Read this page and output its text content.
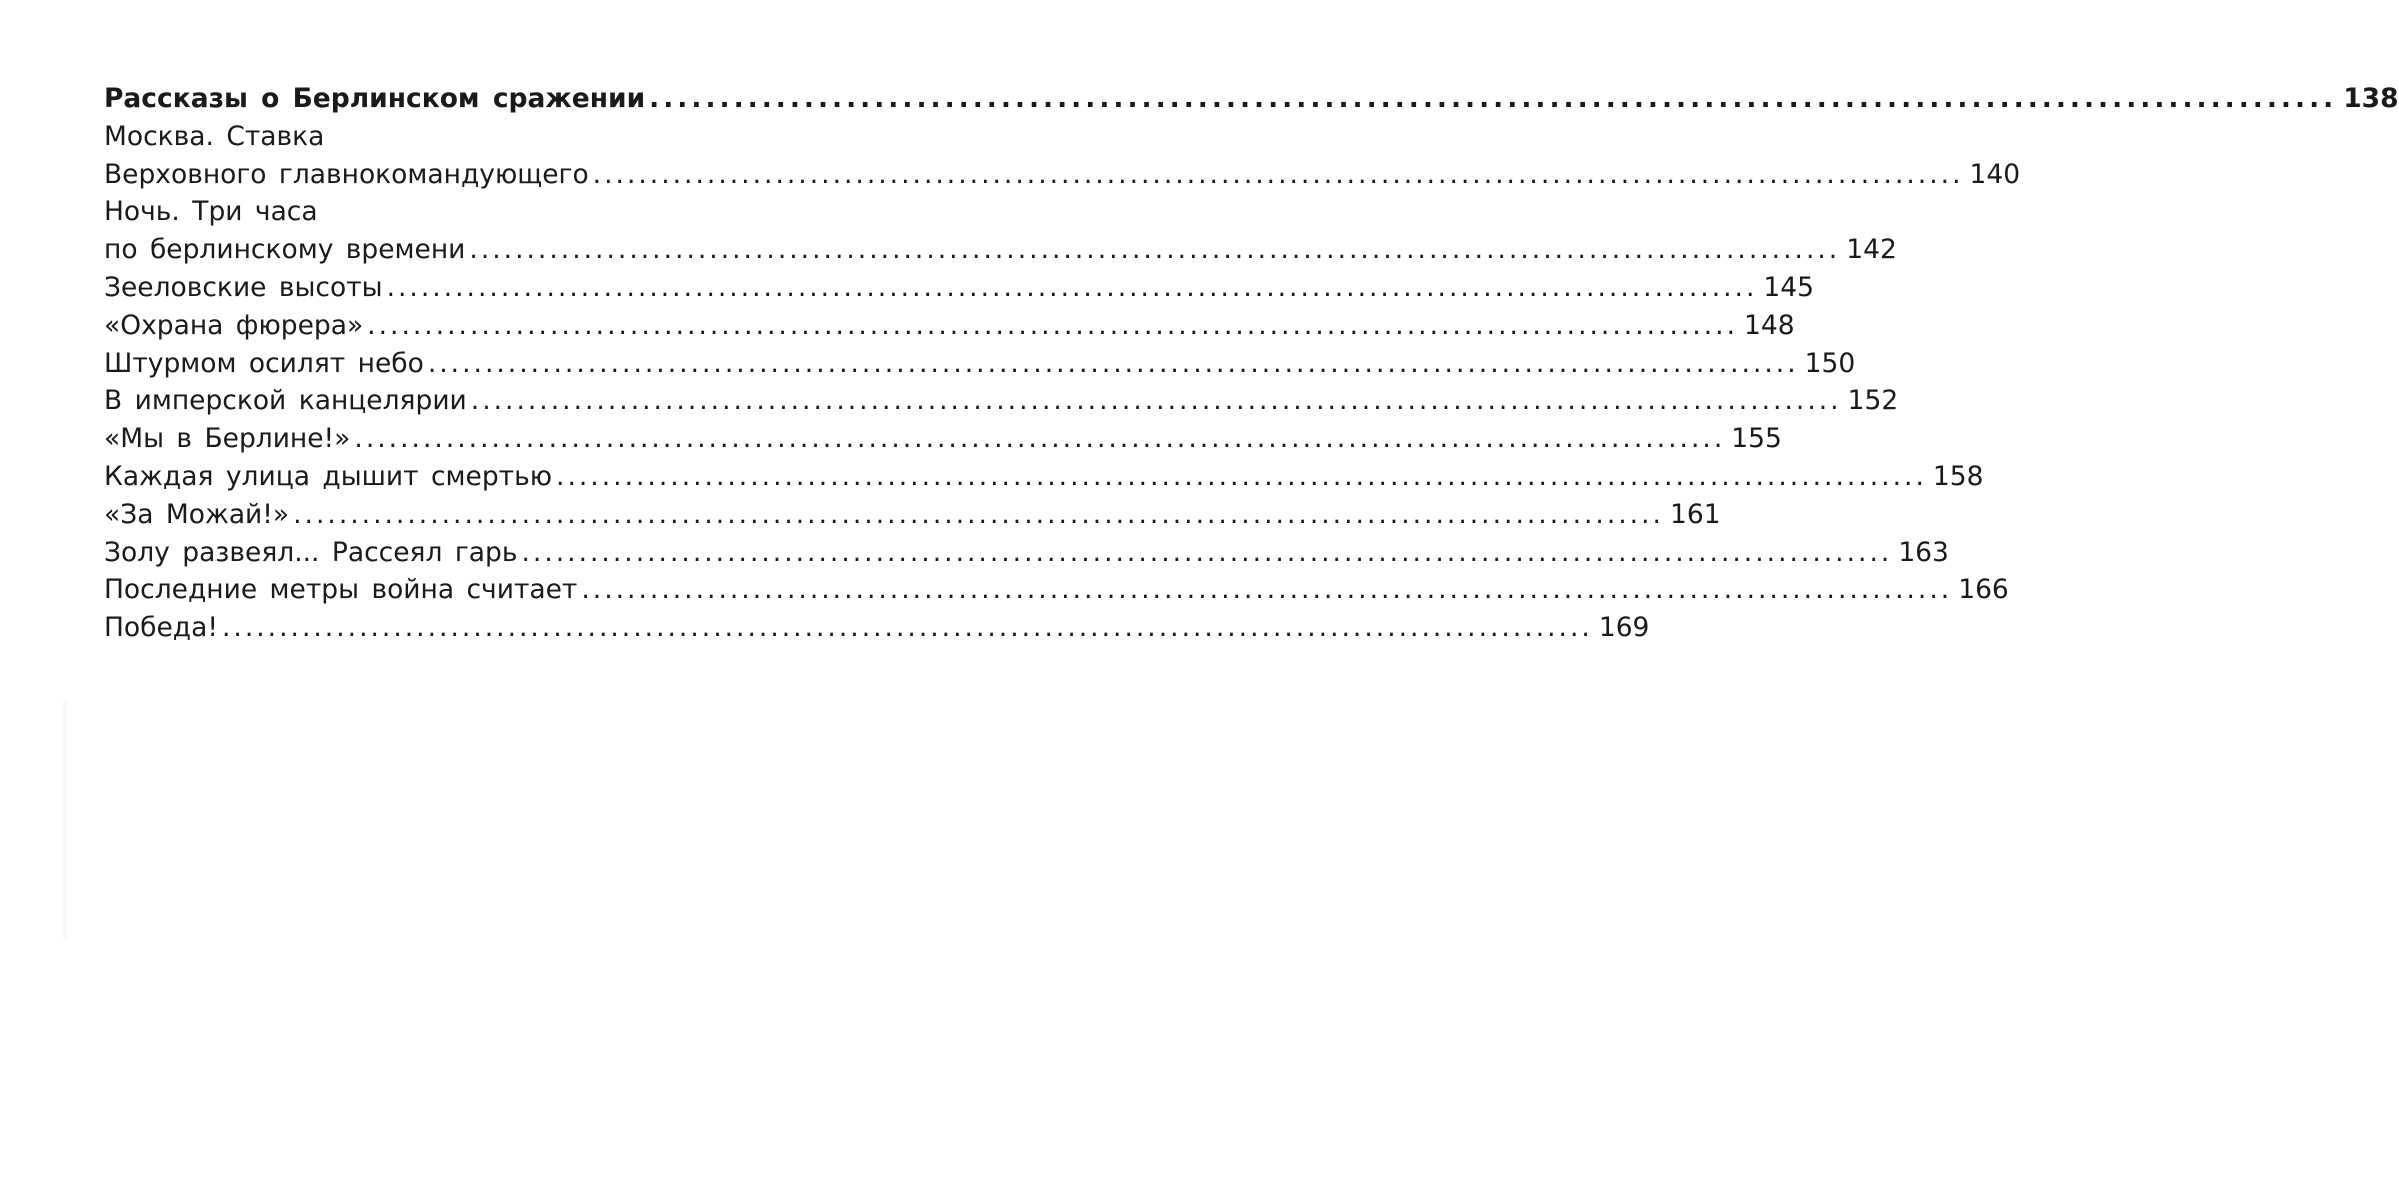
Рассказы о Берлинском сражении ........................................................................................................................ 138
Москва. Ставка
Верховного главнокомандующего ........................................................................................................................ 140
Ночь. Три часа
по берлинскому времени ........................................................................................................................ 142
Зееловские высоты ........................................................................................................................ 145
«Охрана фюрера» ........................................................................................................................ 148
Штурмом осилят небо ........................................................................................................................ 150
В имперской канцелярии ........................................................................................................................ 152
«Мы в Берлине!» ........................................................................................................................ 155
Каждая улица дышит смертью ........................................................................................................................ 158
«За Можай!» ........................................................................................................................ 161
Золу развеял... Рассеял гарь ........................................................................................................................ 163
Последние метры война считает ........................................................................................................................ 166
Победа! ........................................................................................................................ 169
